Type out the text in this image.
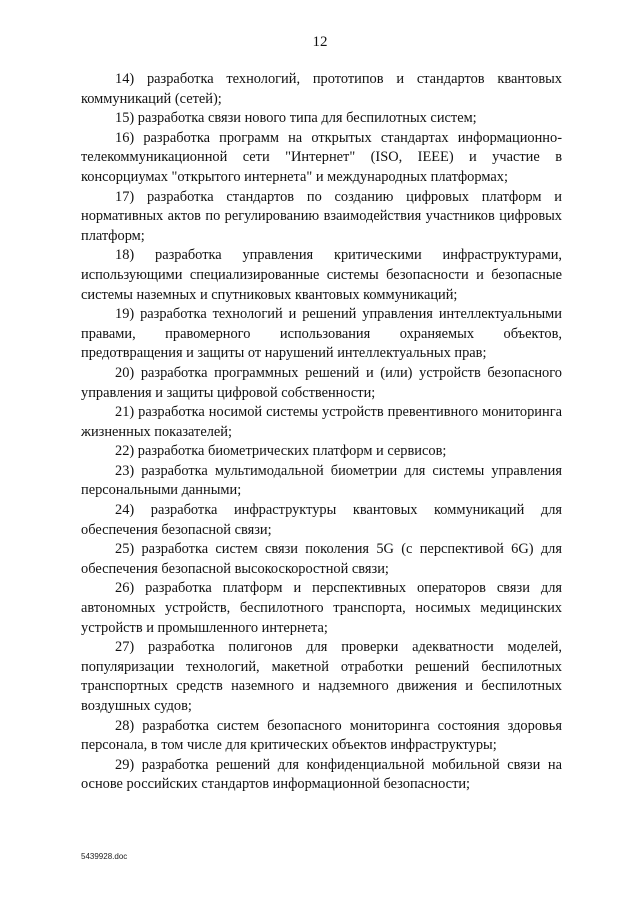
12

14) разработка технологий, прототипов и стандартов квантовых коммуникаций (сетей);

15) разработка связи нового типа для беспилотных систем;

16) разработка программ на открытых стандартах информационно-телекоммуникационной сети "Интернет" (ISO, IEEE) и участие в консорциумах "открытого интернета" и международных платформах;

17) разработка стандартов по созданию цифровых платформ и нормативных актов по регулированию взаимодействия участников цифровых платформ;

18) разработка управления критическими инфраструктурами, использующими специализированные системы безопасности и безопасные системы наземных и спутниковых квантовых коммуникаций;

19) разработка технологий и решений управления интеллектуальными правами, правомерного использования охраняемых объектов, предотвращения и защиты от нарушений интеллектуальных прав;

20) разработка программных решений и (или) устройств безопасного управления и защиты цифровой собственности;

21) разработка носимой системы устройств превентивного мониторинга жизненных показателей;

22) разработка биометрических платформ и сервисов;

23) разработка мультимодальной биометрии для системы управления персональными данными;

24) разработка инфраструктуры квантовых коммуникаций для обеспечения безопасной связи;

25) разработка систем связи поколения 5G (с перспективой 6G) для обеспечения безопасной высокоскоростной связи;

26) разработка платформ и перспективных операторов связи для автономных устройств, беспилотного транспорта, носимых медицинских устройств и промышленного интернета;

27) разработка полигонов для проверки адекватности моделей, популяризации технологий, макетной отработки решений беспилотных транспортных средств наземного и надземного движения и беспилотных воздушных судов;

28) разработка систем безопасного мониторинга состояния здоровья персонала, в том числе для критических объектов инфраструктуры;

29) разработка решений для конфиденциальной мобильной связи на основе российских стандартов информационной безопасности;

5439928.doc
